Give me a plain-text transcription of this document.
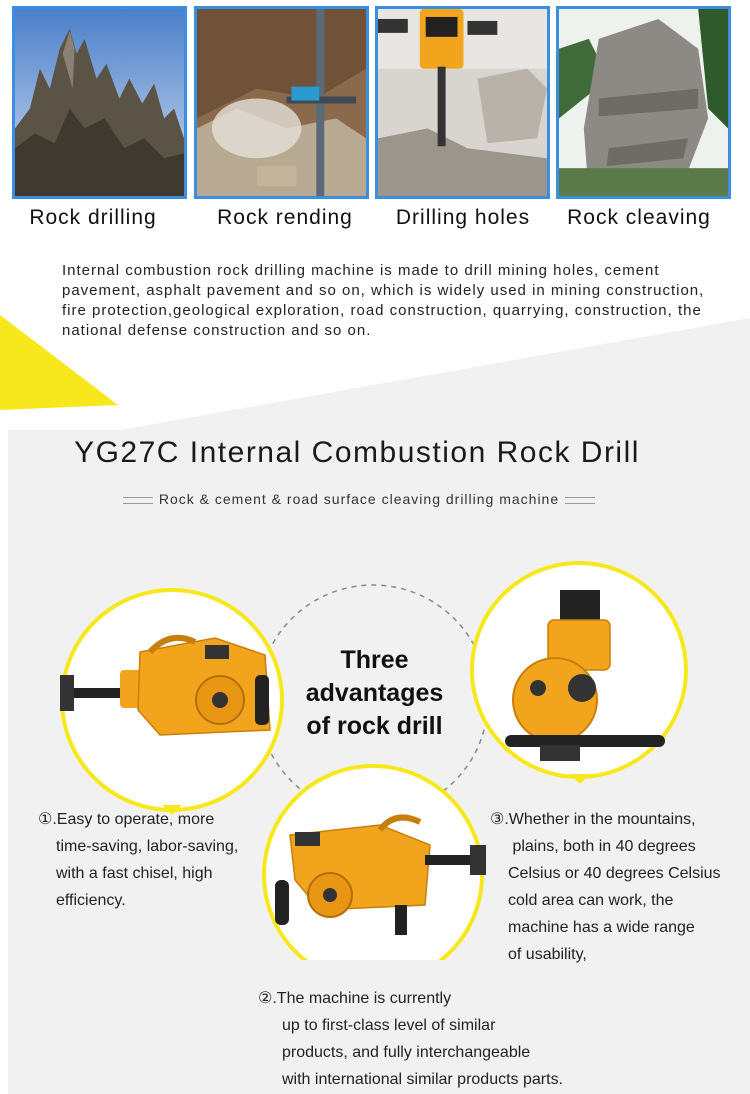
Rock drilling	Rock rending	Drilling holes	Rock cleaving
Internal combustion rock drilling machine is made to drill mining holes, cement pavement, asphalt pavement and so on, which is widely used in mining construction, fire protection,geological exploration, road construction, quarrying, construction, the national defense construction and so on.
YG27C Internal Combustion Rock Drill
Rock & cement & road surface cleaving drilling machine
Three
advantages
of rock drill
①.Easy to operate, more
time-saving, labor-saving,
with a fast chisel, high
efficiency.
②.The machine is currently
up to first-class level of similar
products, and fully interchangeable
with international similar products parts.
③.Whether in the mountains,
plains, both in 40 degrees
Celsius or 40 degrees Celsius
cold area can work, the
machine has a wide range
of usability,
